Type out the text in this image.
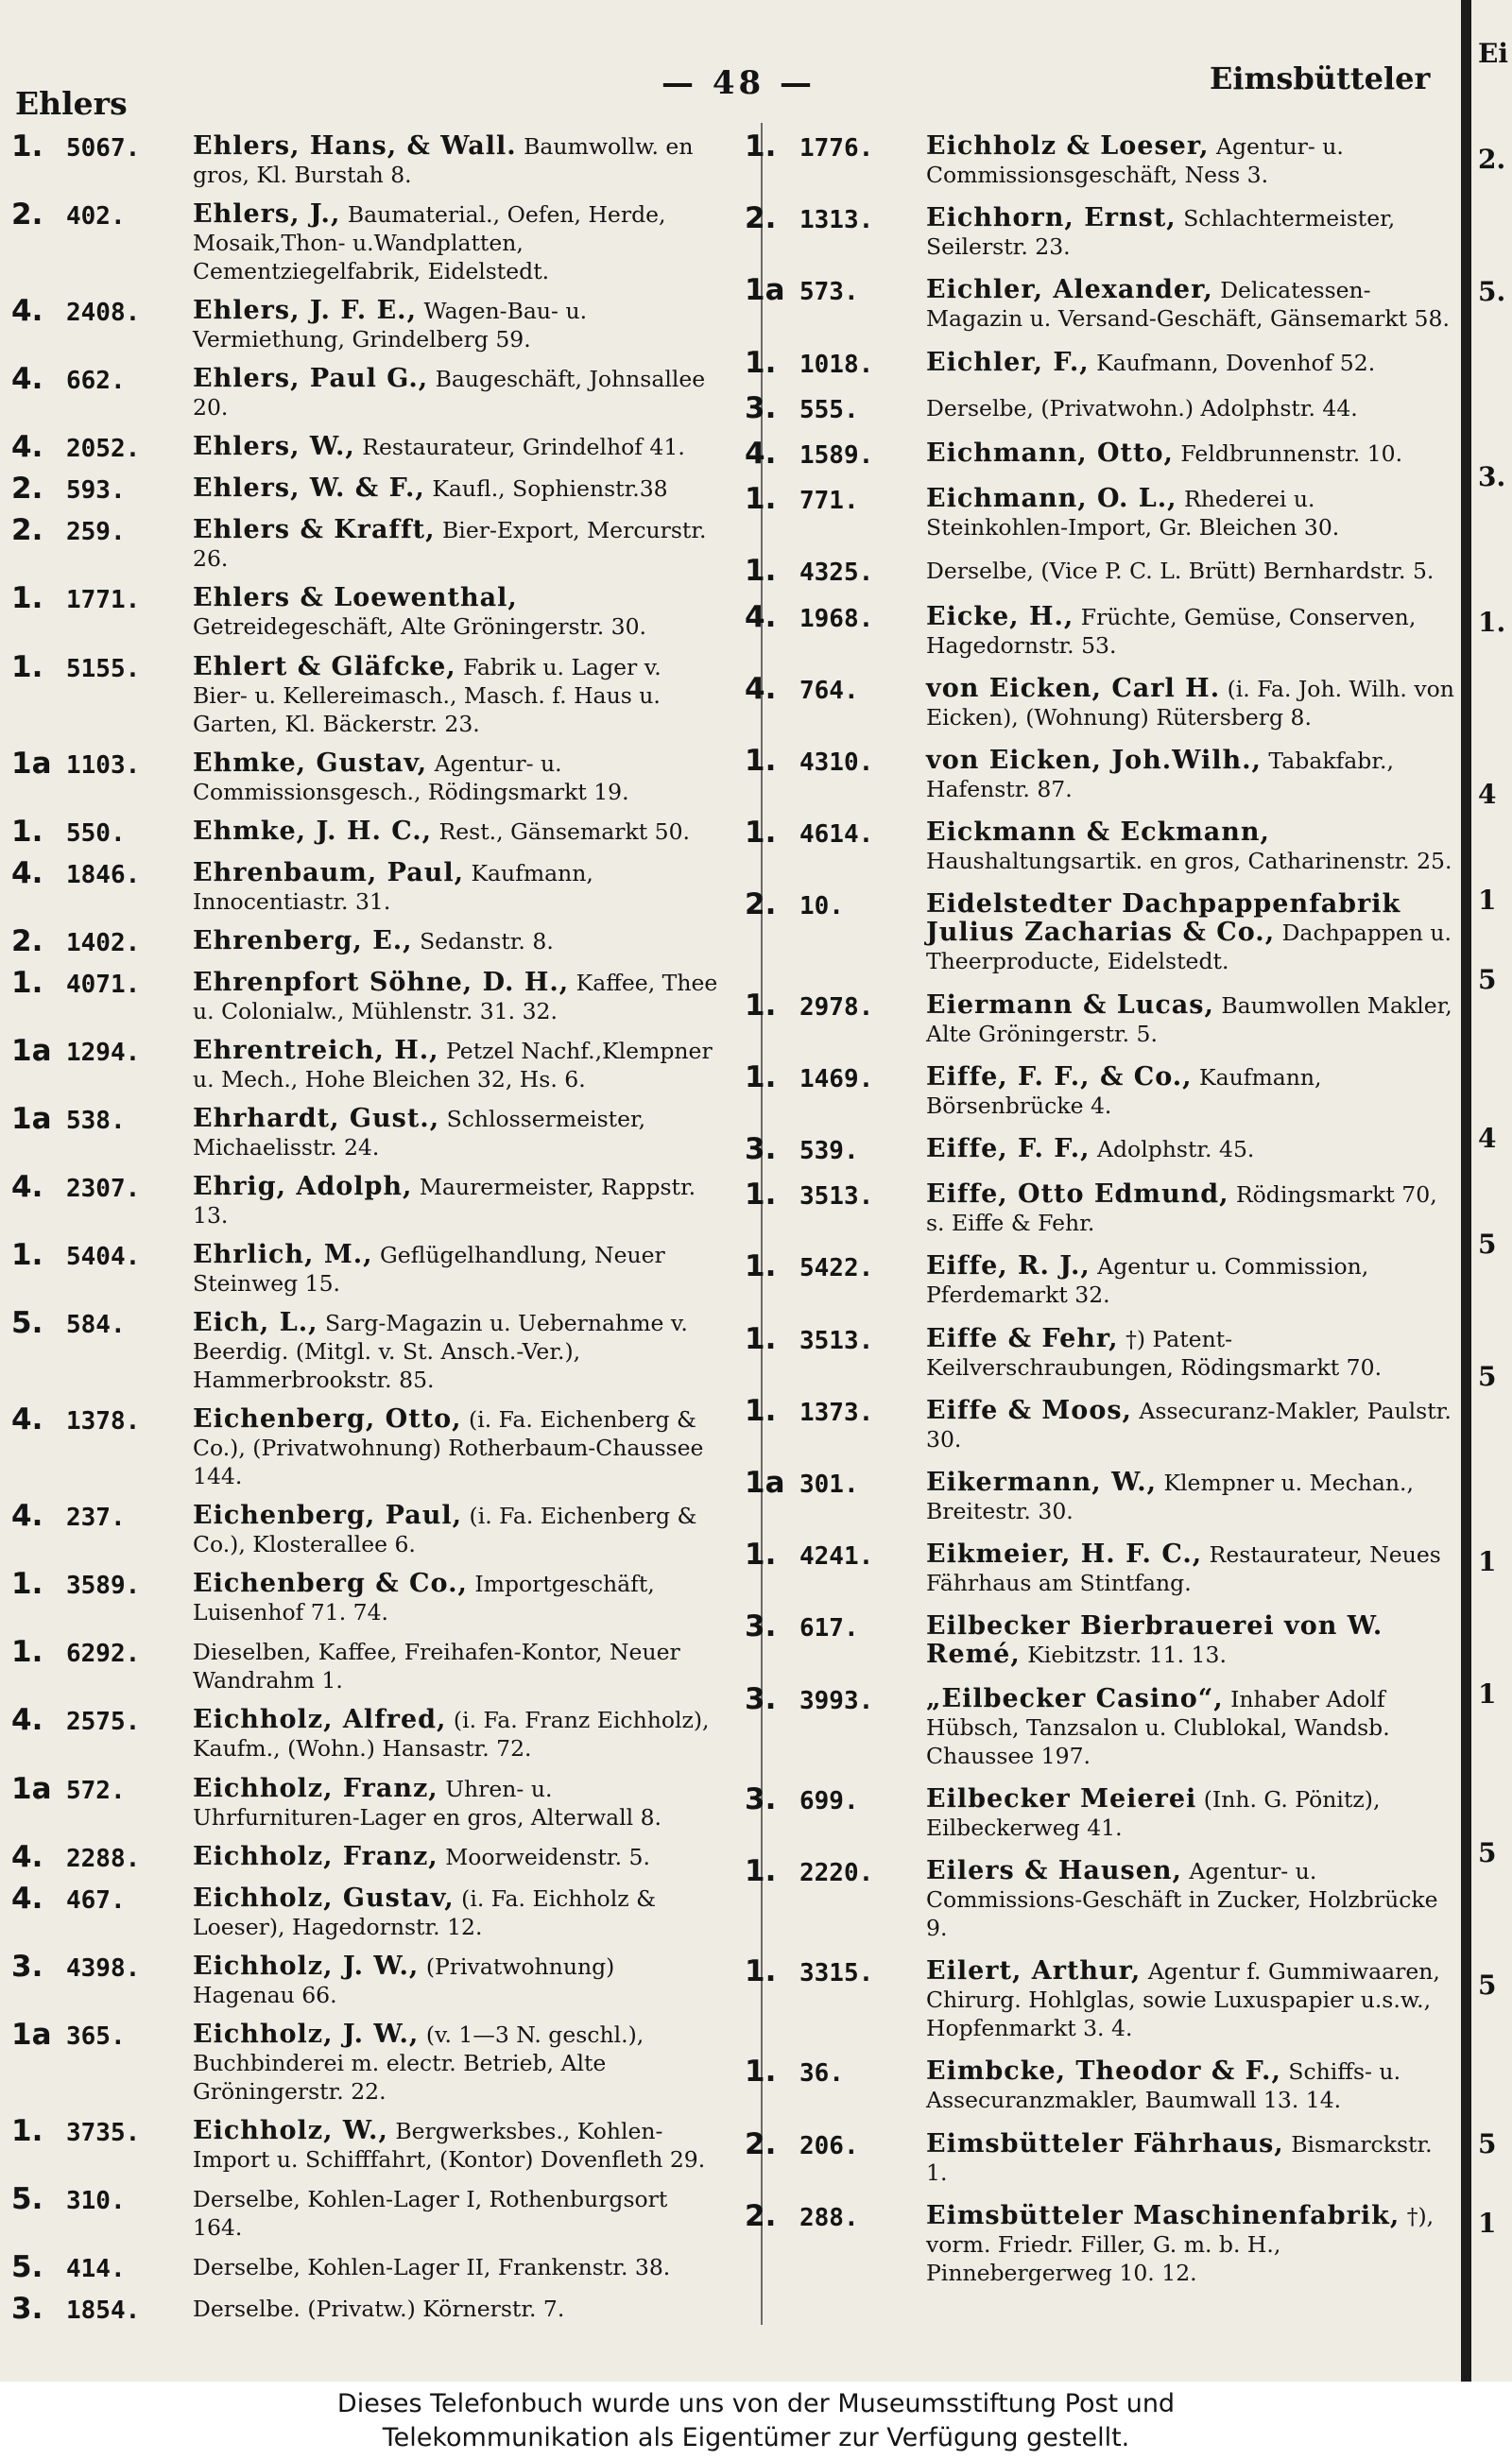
Ehlers
— 48 —	Eimsbütteler
1. 5067.	Ehlers, Hans, & Wall. Baumwollw. en gros, Kl. Burstah 8.
2. 402.	Ehlers, J., Baumaterial., Oefen, Herde, Mosaik,Thon- u.Wandplatten, Cementziegelfabrik, Eidelstedt.
4. 2408.	Ehlers, J. F. E., Wagen-Bau- u. Vermiethung, Grindelberg 59.
4. 662.	Ehlers, Paul G., Baugeschäft, Johnsallee 20.
4. 2052.	Ehlers, W., Restaurateur, Grindelhof 41.
2. 593.	Ehlers, W. & F., Kaufl., Sophienstr.38
2. 259.	Ehlers & Krafft, Bier-Export, Mercurstr. 26.
1. 1771.	Ehlers & Loewenthal, Getreidegeschäft, Alte Gröningerstr. 30.
1. 5155.	Ehlert & Gläfcke, Fabrik u. Lager v. Bier- u. Kellereimasch., Masch. f. Haus u. Garten, Kl. Bäckerstr. 23.
1a 1103.	Ehmke, Gustav, Agentur- u. Commissionsgesch., Rödingsmarkt 19.
1. 550.	Ehmke, J. H. C., Rest., Gänsemarkt 50.
4. 1846.	Ehrenbaum, Paul, Kaufmann, Innocentiastr. 31.
2. 1402.	Ehrenberg, E., Sedanstr. 8.
1. 4071.	Ehrenpfort Söhne, D. H., Kaffee, Thee u. Colonialw., Mühlenstr. 31. 32.
1a 1294.	Ehrentreich, H., Petzel Nachf.,Klempner u. Mech., Hohe Bleichen 32, Hs. 6.
1a 538.	Ehrhardt, Gust., Schlossermeister, Michaelisstr. 24.
4. 2307.	Ehrig, Adolph, Maurermeister, Rappstr. 13.
1. 5404.	Ehrlich, M., Geflügelhandlung, Neuer Steinweg 15.
5. 584.	Eich, L., Sarg-Magazin u. Uebernahme v. Beerdig. (Mitgl. v. St. Ansch.-Ver.), Hammerbrookstr. 85.
4. 1378.	Eichenberg, Otto, (i. Fa. Eichenberg & Co.), (Privatwohnung) Rotherbaum-Chaussee 144.
4. 237.	Eichenberg, Paul, (i. Fa. Eichenberg & Co.), Klosterallee 6.
1. 3589.	Eichenberg & Co., Importgeschäft, Luisenhof 71. 74.
1. 6292.	Dieselben, Kaffee, Freihafen-Kontor, Neuer Wandrahm 1.
4. 2575.	Eichholz, Alfred, (i. Fa. Franz Eichholz), Kaufm., (Wohn.) Hansastr. 72.
1a 572.	Eichholz, Franz, Uhren- u. Uhrfurnituren-Lager en gros, Alterwall 8.
4. 2288.	Eichholz, Franz, Moorweidenstr. 5.
4. 467.	Eichholz, Gustav, (i. Fa. Eichholz & Loeser), Hagedornstr. 12.
3. 4398.	Eichholz, J. W., (Privatwohnung) Hagenau 66.
1a 365.	Eichholz, J. W., (v. 1—3 N. geschl.), Buchbinderei m. electr. Betrieb, Alte Gröningerstr. 22.
1. 3735.	Eichholz, W., Bergwerksbes., Kohlen-Import u. Schifffahrt, (Kontor) Dovenfleth 29.
5. 310.	Derselbe, Kohlen-Lager I, Rothenburgsort 164.
5. 414.	Derselbe, Kohlen-Lager II, Frankenstr. 38.
3. 1854.	Derselbe. (Privatw.) Körnerstr. 7.
1. 1776.	Eichholz & Loeser, Agentur- u. Commissionsgeschäft, Ness 3.
2. 1313.	Eichhorn, Ernst, Schlachtermeister, Seilerstr. 23.
1a 573.	Eichler, Alexander, Delicatessen-Magazin u. Versand-Geschäft, Gänsemarkt 58.
1. 1018.	Eichler, F., Kaufmann, Dovenhof 52.
3. 555.	Derselbe, (Privatwohn.) Adolphstr. 44.
4. 1589.	Eichmann, Otto, Feldbrunnenstr. 10.
1. 771.	Eichmann, O. L., Rhederei u. Steinkohlen-Import, Gr. Bleichen 30.
1. 4325.	Derselbe, (Vice P. C. L. Brütt) Bernhardstr. 5.
4. 1968.	Eicke, H., Früchte, Gemüse, Conserven, Hagedornstr. 53.
4. 764.	von Eicken, Carl H. (i. Fa. Joh. Wilh. von Eicken), (Wohnung) Rütersberg 8.
1. 4310.	von Eicken, Joh.Wilh., Tabakfabr., Hafenstr. 87.
1. 4614.	Eickmann & Eckmann, Haushaltungsartik. en gros, Catharinenstr. 25.
2. 10.	Eidelstedter Dachpappenfabrik Julius Zacharias & Co., Dachpappen u. Theerproducte, Eidelstedt.
1. 2978.	Eiermann & Lucas, Baumwollen Makler, Alte Gröningerstr. 5.
1. 1469.	Eiffe, F. F., & Co., Kaufmann, Börsenbrücke 4.
3. 539.	Eiffe, F. F., Adolphstr. 45.
1. 3513.	Eiffe, Otto Edmund, Rödingsmarkt 70, s. Eiffe & Fehr.
1. 5422.	Eiffe, R. J., Agentur u. Commission, Pferdemarkt 32.
1. 3513.	Eiffe & Fehr, †) Patent-Keilverschraubungen, Rödingsmarkt 70.
1. 1373.	Eiffe & Moos, Assecuranz-Makler, Paulstr. 30.
1a 301.	Eikermann, W., Klempner u. Mechan., Breitestr. 30.
1. 4241.	Eikmeier, H. F. C., Restaurateur, Neues Fährhaus am Stintfang.
3. 617.	Eilbecker Bierbrauerei von W. Remé, Kiebitzstr. 11. 13.
3. 3993.	„Eilbecker Casino“, Inhaber Adolf Hübsch, Tanzsalon u. Clublokal, Wandsb. Chaussee 197.
3. 699.	Eilbecker Meierei (Inh. G. Pönitz), Eilbeckerweg 41.
1. 2220.	Eilers & Hausen, Agentur- u. Commissions-Geschäft in Zucker, Holzbrücke 9.
1. 3315.	Eilert, Arthur, Agentur f. Gummiwaaren, Chirurg. Hohlglas, sowie Luxuspapier u.s.w., Hopfenmarkt 3. 4.
1. 36.	Eimbcke, Theodor & F., Schiffs- u. Assecuranzmakler, Baumwall 13. 14.
2. 206.	Eimsbütteler Fährhaus, Bismarckstr. 1.
2. 288.	Eimsbütteler Maschinenfabrik, †), vorm. Friedr. Filler, G. m. b. H., Pinnebergerweg 10. 12.
Ei
2.
5.
3.
1.
4
1
5
4
5
5
1
1
5
5
5
1
Dieses Telefonbuch wurde uns von der Museumsstiftung Post und
Telekommunikation als Eigentümer zur Verfügung gestellt.
